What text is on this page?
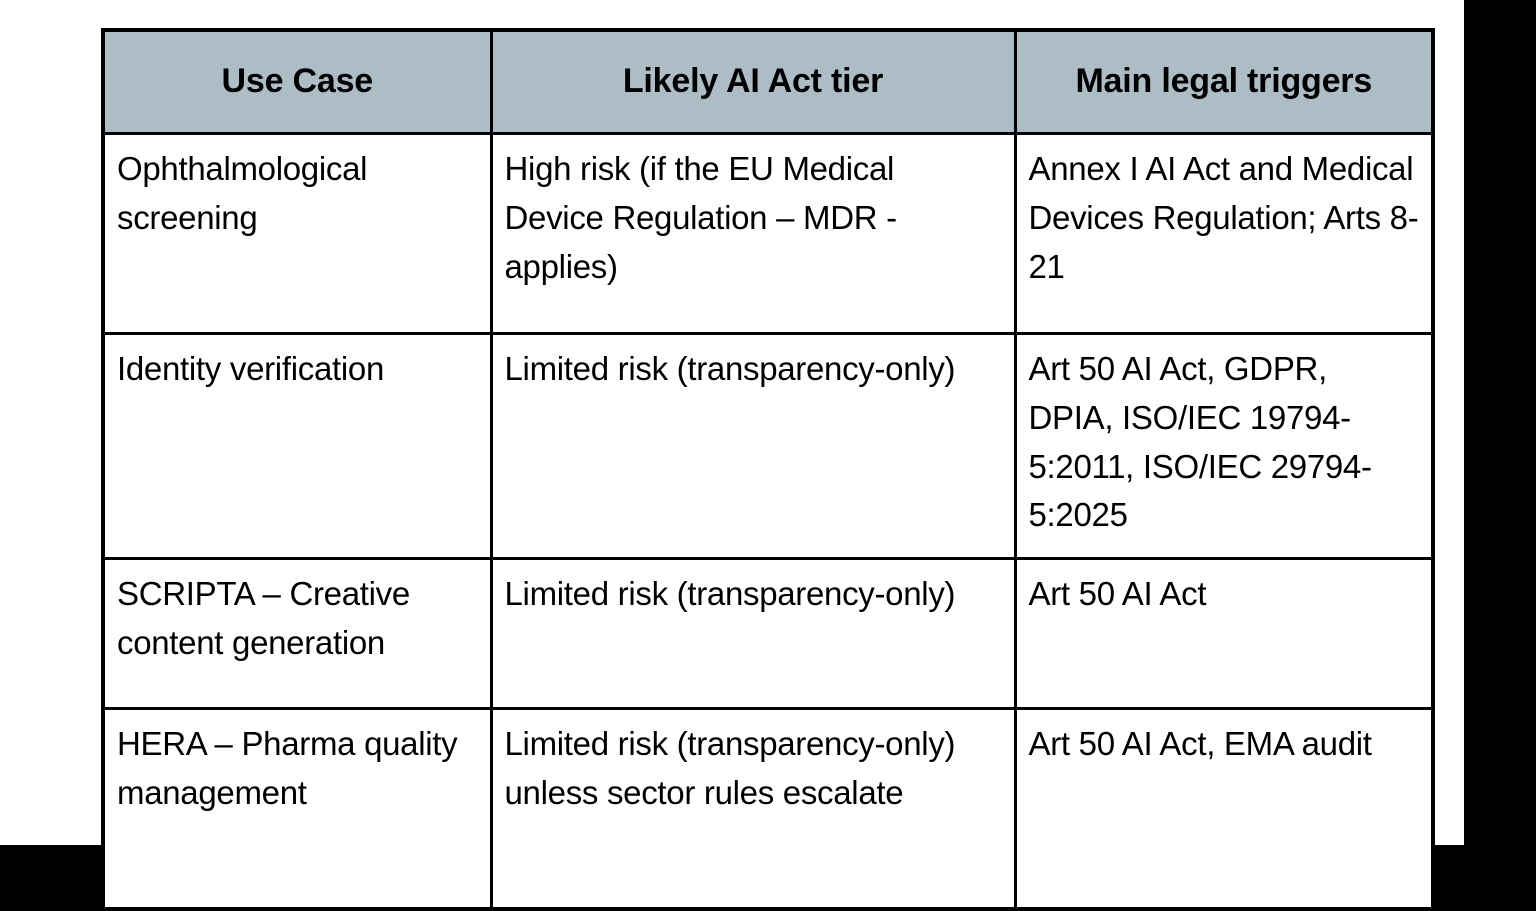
Use Case	Likely AI Act tier	Main legal triggers
Ophthalmological screening	High risk (if the EU Medical Device Regulation – MDR - applies)	Annex I AI Act and Medical Devices Regulation; Arts 8-21
Identity verification	Limited risk (transparency-only)	Art 50 AI Act, GDPR, DPIA, ISO/IEC 19794-5:2011, ISO/IEC 29794-5:2025
SCRIPTA – Creative content generation	Limited risk (transparency-only)	Art 50 AI Act
HERA – Pharma quality management	Limited risk (transparency-only) unless sector rules escalate	Art 50 AI Act, EMA audit
